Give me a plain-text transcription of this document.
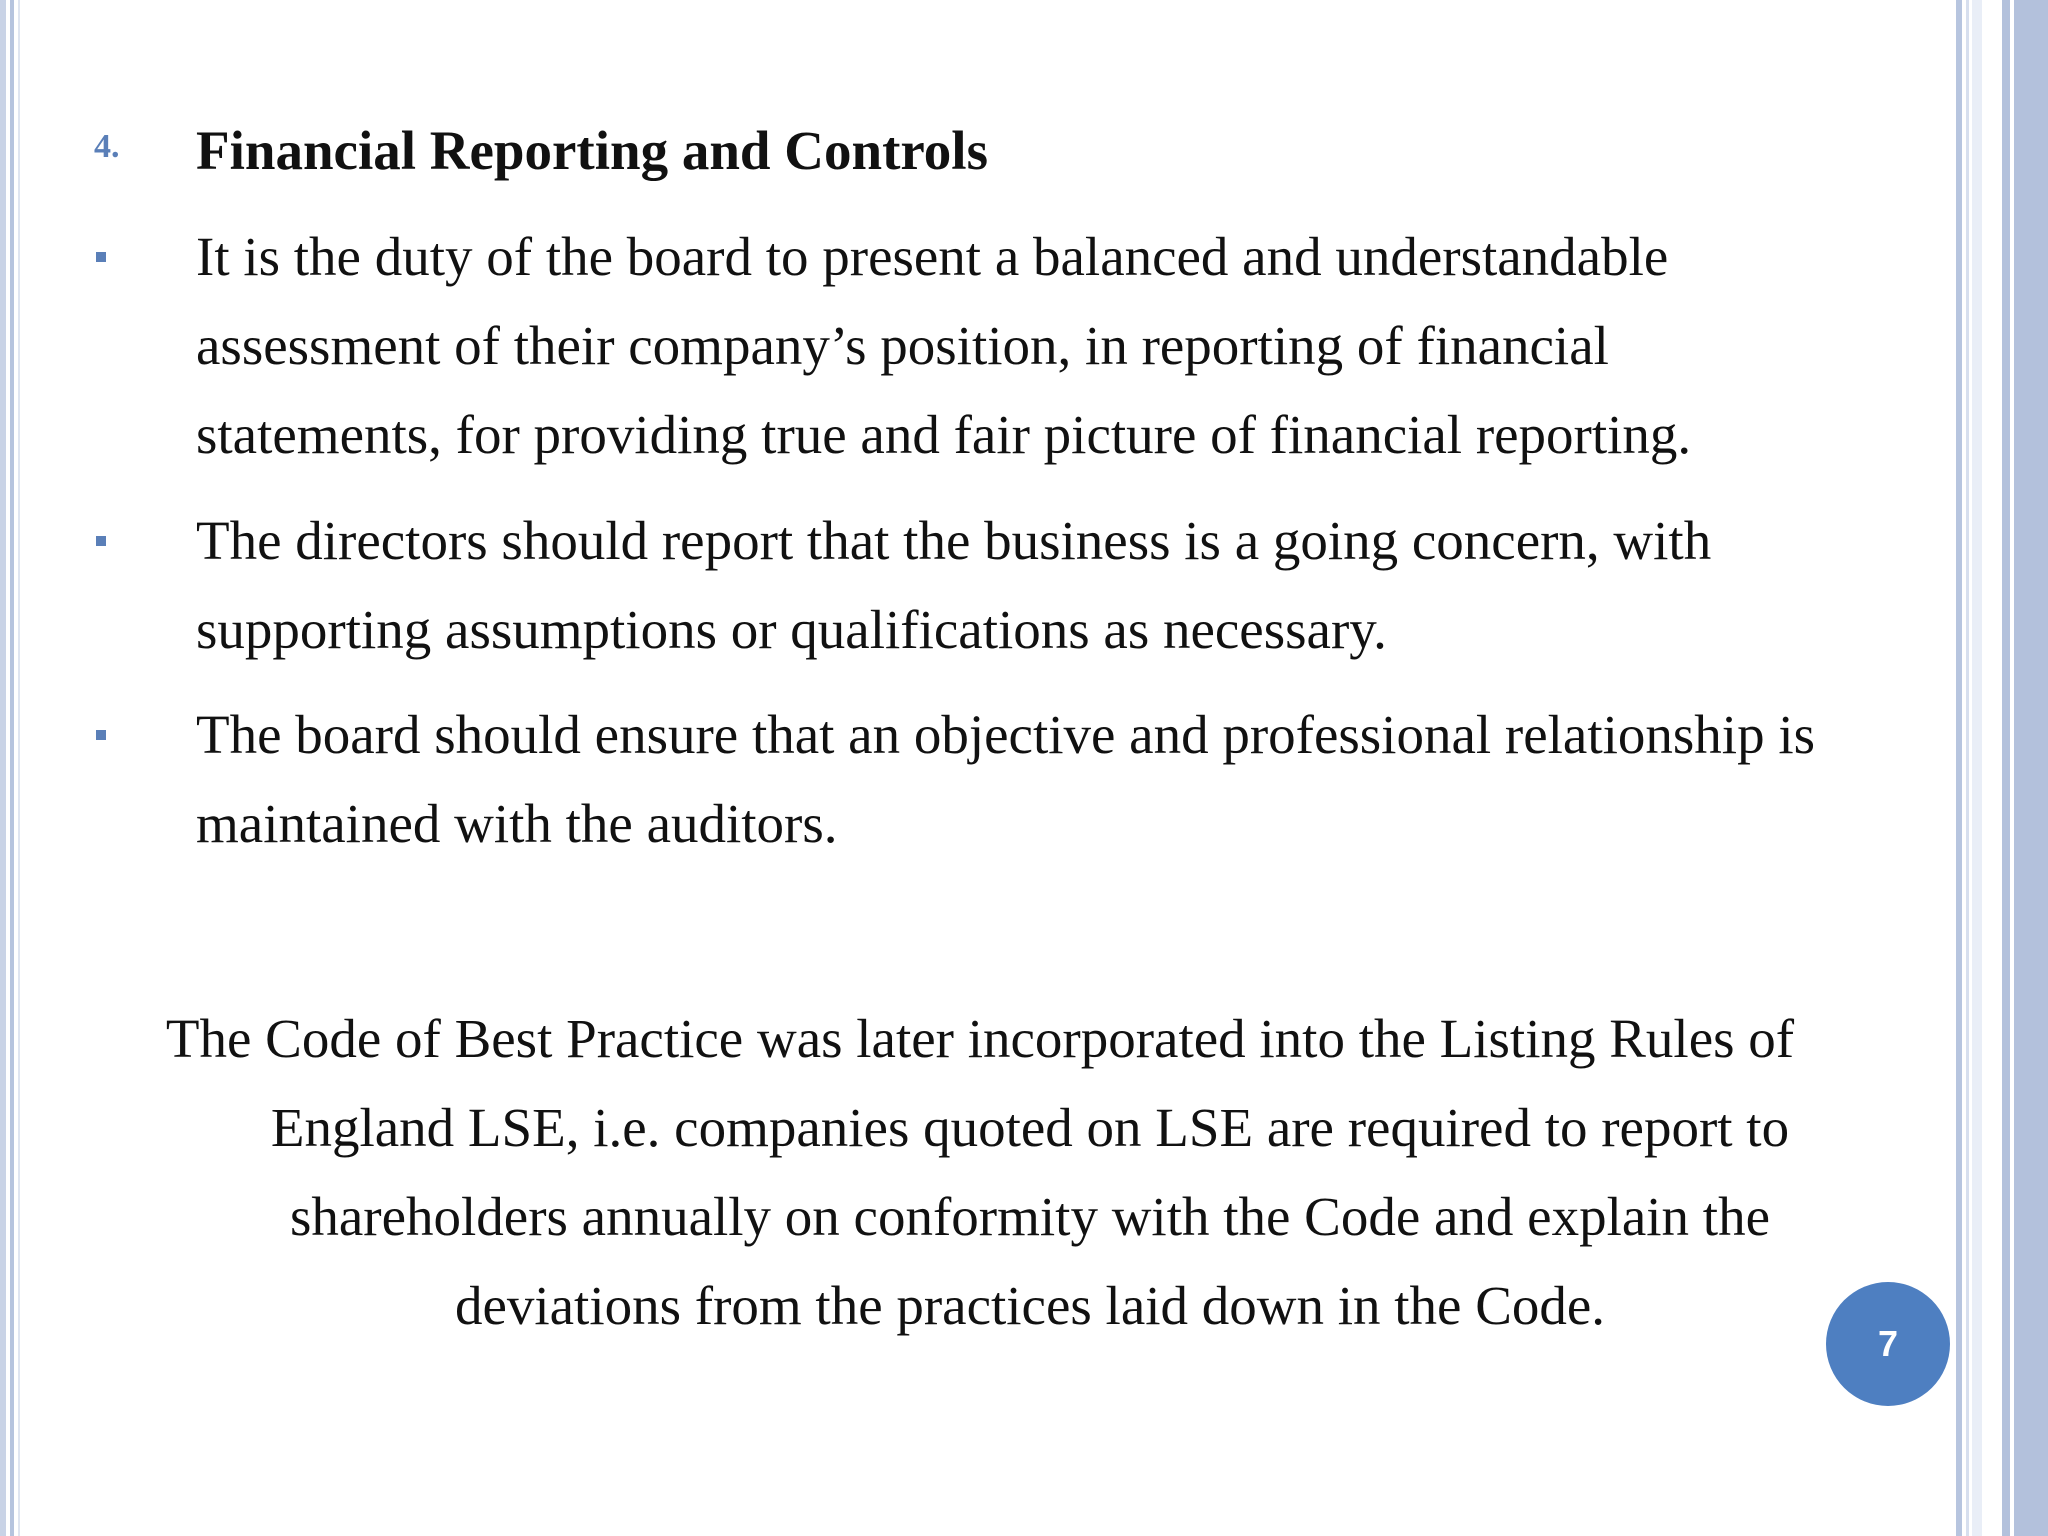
4. Financial Reporting and Controls
It is the duty of the board to present a balanced and understandable assessment of their company’s position, in reporting of financial statements, for providing true and fair picture of financial reporting.
The directors should report that the business is a going concern, with supporting assumptions or qualifications as necessary.
The board should ensure that an objective and professional relationship is maintained with the auditors.
The Code of Best Practice was later incorporated into the Listing Rules of
England LSE, i.e. companies quoted on LSE are required to report to
shareholders annually on conformity with the Code and explain the
deviations from the practices laid down in the Code.
7
